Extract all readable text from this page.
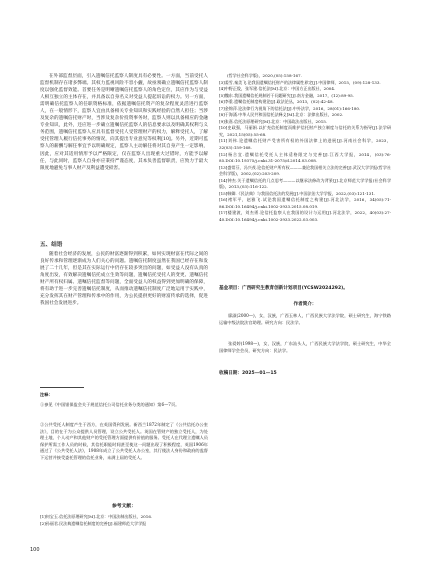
在外部监督层面，引入遗嘱信托监察人制度具有必要性。一方面，当前受托人监督机制存在诸多弊端。其权力监视风险不容小觑，故亟须确立遗嘱信托监察人制度以强化监督效能。首要任务是明晰遗嘱信托监察人的角色定位，其应作为与受益人相互独立的主体存在，并具备以自身名义对受益人提起诉讼的权力。另一方面，需明确信托监察人的任职资格标准，依据遗嘱信托资产的复杂程度灵活进行监察人，在一般情形下，监察人宜由具备相关专业知识和实践经验的自然人担任；当涉及复杂的遗嘱信托财产时，当涉及复杂价投资事务时，监察人则以具备相应的金融专业知识，此外，还应进一步确立遗嘱信托监察人的信息要求以及明确其权利与义务范围，遗嘱信托监察人应具有监督受托人受管理财产的权力，解释受托人，了解受托管理人履行信托事务的情况，向其提出专业意见等权利[10]。另外，近期可监察人的薪酬与解任事宜予以明确规定，监察人主动解任将对其自身产生一定影响，因此，应对其适用情形予以严格限定，仅在监察人出现重大过错时，方能予以解任，与此同时，监察人自身亦应秉持严谨态度，其本负善监督职责，应致力于最大限度地避免与事人财产及利益遭受损害。

五、结语

随着社会经济的发展，公民的财富逐渐得到积累，如何实现财富在代际之间的良好传承和管理逐渐成为人们关心的问题。遗嘱信托制度虽然在我国已经存在和发展了二十几年，但是其在实际运行中仍存在较多突出的问题，如受益人没有认真的角度出发，有效解决遗嘱信托成立生效等问题，遗嘱信托受托人的变更、遗嘱信托财产所有权归属、遗嘱信托监督等问题，全面受益人的权益得到更加明确的保障，将有助于进一步完善遗嘱信托制度，从而推动遗嘱信托制度广泛地运用于实践中，充分发挥其在财产管理和传承中的作用，为公民提供更好的财富传承的选择，促进我国社会发展进步。

注释：

①参见《中国银保监会关于规范信托公司信托业务分类的通知》第6—7页。

②公共受托人制度产生于西方，在英国得到发展。新西兰1872年制定了《公共信托办公室法》，目的在于为公众提供人员管理，设立公共受托人。英国在管财产的独立受托人，为处理土地、个人动产和其他财产的受托管理方面提供有价值的服务。受托人在代理立遗嘱人员保护所需工作人员的时候，其信托职能时间甚至使这一问题出现了积极程度，英国1906年通过了《公共受托人法》，1908年成立了公共受托人办公室，其行使法人身份和政府的监督下运营并接受委托管理的信托业务，未满上届的受托人。

参考文献：

[1]何宝玉.信托法原理研究[M].北京：中国法制出版社，2016.

[2]孙丽君.民法典遗嘱信托制度的完善[J].福建师范大学学报

(哲学社会科学版)，2020,(05):158-167.

[3]姜雪,秦美飞.论我国遗嘱信托财产的法律属性界定[J].中国律师，2015，(09):128-133.

[4]中野正俊，张军建.信托法[M].北京：中国方正出版社，2004.

[5]魏东.我国遗嘱信托规制若干问题研究[J].南方金融，2017，(12):89-95.

[6]李重.遗嘱信托制度构建论[J].政法论丛，2013，(02):42-48.

[7]金锦萍.论法律行为视角下的信托法[J].中外法学，2016，28(01):166-180.

[8]于海涌.中华人民共和国信托法释义[M].北京：法律出版社，2002.

[9]张嘉.信托法原理研究[M].北京：中国政法出版社，2015.

[10]史政强，马丽娟.以扩充信托制度而维护信托财产独立制度与信托的关系为指导[J].法学研究，2021,15(05):55-68.

[11]刘伟.论遗嘱信托财产受害所有权的外国法律上的进展[J].河南社会科学，2023，32(03):159-168.

[12]杨合宜.遗嘱信托受托人主体适格限定与完善[J].江西大学报，2014，(03):76-85.DOI:10.19375/j.cnki.31-2075/d.2014.03.008.

[13]盛常芬，冯兴茂.论信托财产所有权———兼论我国相关立法的完善[J].武汉大学学报(哲学社会科学版)，2002,(02):203-209.

[14]钟杰.关于遗嘱信托的几点思考———以继承法修改为背景[J].北京师范大学学报(社会科学版)，2013,(03):116-122.

[15]韩卿.《民法典》与我国信托法的发展[J].中国法治大学学报，2022,(03):121-131.

[16]褚军平，赵雅飞.试论我国遗嘱信托制度之构建[J].河北法学，2016，34(05):71-86.DOI:10.16494/j.cnki.1002-3933.2015.08.019.

[17]楼建波，刘杰勇.论信托监察人在我国的设计与运用[J].河北法学，2022，40(03):27-40.DOI:10.16494/j.cnki.1002-3933.2022.03.003.

基金项目：广西研究生教育创新计划项目(YCSW2024292)。

作者简介：

廖淑(2000—)，女，汉族，广西玉林人，广西民族大学法学院，硕士研究生，海宁铁路运输中级法院法官助理。研究方向：民法学。

张爱婷(1998—)，女，汉族，广东汕头人，广西民族大学法学院，硕士研究生，中华全国律师学会会员，研究方向：民法学。

收稿日期：2025—01—15

100
